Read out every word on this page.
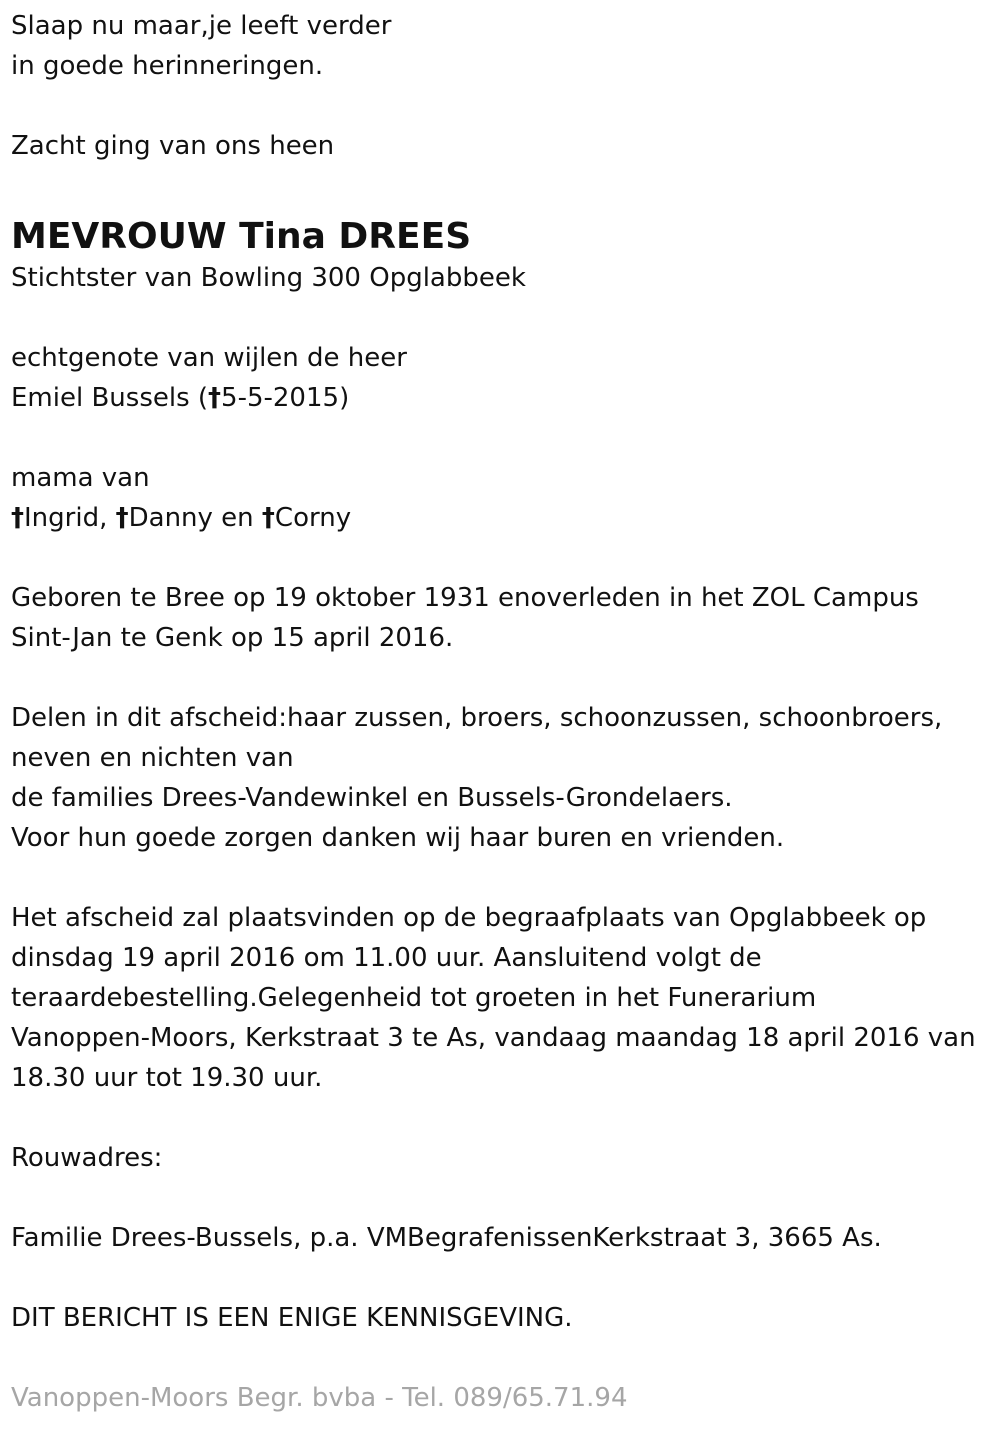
Slaap nu maar,je leeft verder
in goede herinneringen.
Zacht ging van ons heen
MEVROUW Tina DREES
Stichtster van Bowling 300 Opglabbeek
echtgenote van wijlen de heer
Emiel Bussels (†5-5-2015)
mama van
†Ingrid, †Danny en †Corny
Geboren te Bree op 19 oktober 1931 enoverleden in het ZOL Campus
Sint-Jan te Genk op 15 april 2016.
Delen in dit afscheid:haar zussen, broers, schoonzussen, schoonbroers,
neven en nichten van
de families Drees-Vandewinkel en Bussels-Grondelaers.
Voor hun goede zorgen danken wij haar buren en vrienden.
Het afscheid zal plaatsvinden op de begraafplaats van Opglabbeek op
dinsdag 19 april 2016 om 11.00 uur. Aansluitend volgt de
teraardebestelling.Gelegenheid tot groeten in het Funerarium
Vanoppen-Moors, Kerkstraat 3 te As, vandaag maandag 18 april 2016 van
18.30 uur tot 19.30 uur.
Rouwadres:
Familie Drees-Bussels, p.a. VMBegrafenissenKerkstraat 3, 3665 As.
DIT BERICHT IS EEN ENIGE KENNISGEVING.
Vanoppen-Moors Begr. bvba - Tel. 089/65.71.94
